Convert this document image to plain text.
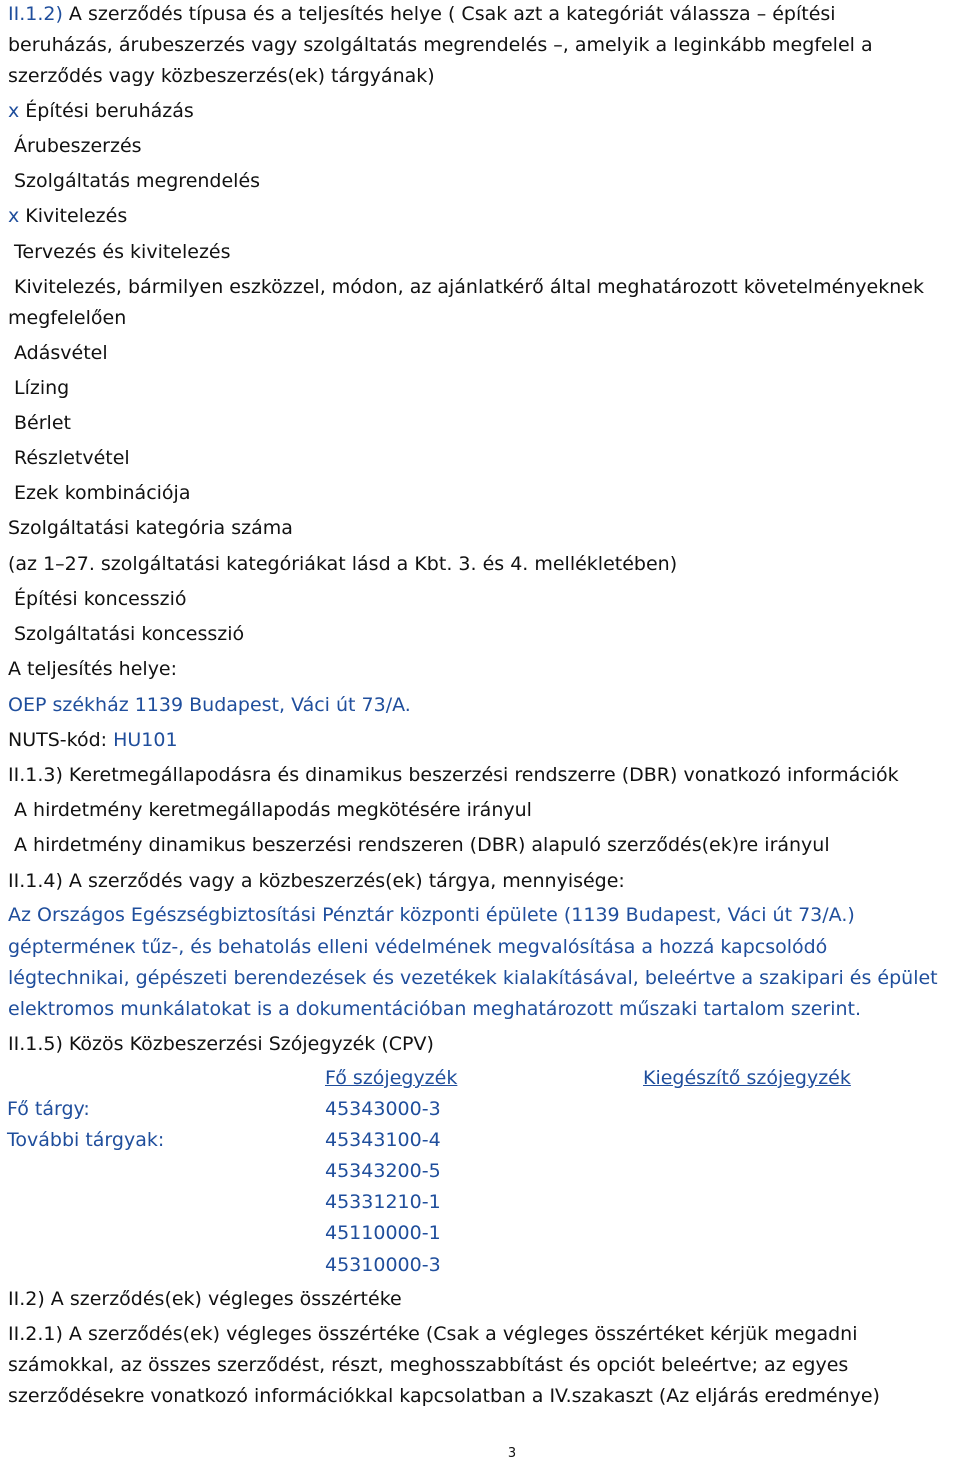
II.1.2) A szerződés típusa és a teljesítés helye ( Csak azt a kategóriát válassza – építési
beruházás, árubeszerzés vagy szolgáltatás megrendelés –, amelyik a leginkább megfelel a
szerződés vagy közbeszerzés(ek) tárgyának)
x Építési beruházás
Árubeszerzés
Szolgáltatás megrendelés
x Kivitelezés
Tervezés és kivitelezés
Kivitelezés, bármilyen eszközzel, módon, az ajánlatkérő által meghatározott követelményeknek
megfelelően
Adásvétel
Lízing
Bérlet
Részletvétel
Ezek kombinációja
Szolgáltatási kategória száma
(az 1–27. szolgáltatási kategóriákat lásd a Kbt. 3. és 4. mellékletében)
Építési koncesszió
Szolgáltatási koncesszió
A teljesítés helye:
OEP székház 1139 Budapest, Váci út 73/A.
NUTS-kód: HU101
II.1.3) Keretmegállapodásra és dinamikus beszerzési rendszerre (DBR) vonatkozó információk
A hirdetmény keretmegállapodás megkötésére irányul
A hirdetmény dinamikus beszerzési rendszeren (DBR) alapuló szerződés(ek)re irányul
II.1.4) A szerződés vagy a közbeszerzés(ek) tárgya, mennyisége:
Az Országos Egészségbiztosítási Pénztár központi épülete (1139 Budapest, Váci út 73/A.)
gépterméneк tűz-, és behatolás elleni védelmének megvalósítása a hozzá kapcsolódó
légtechnikai, gépészeti berendezések és vezetékek kialakításával, beleértve a szakipari és épület
elektromos munkálatokat is a dokumentációban meghatározott műszaki tartalom szerint.
II.1.5) Közös Közbeszerzési Szójegyzék (CPV)
Fő szójegyzék	Kiegészítő szójegyzék
Fő tárgy:	45343000-3
További tárgyak:	45343100-4
45343200-5
45331210-1
45110000-1
45310000-3
II.2) A szerződés(ek) végleges összértéke
II.2.1) A szerződés(ek) végleges összértéke (Csak a végleges összértéket kérjük megadni
számokkal, az összes szerződést, részt, meghosszabbítást és opciót beleértve; az egyes
szerződésekre vonatkozó információkkal kapcsolatban a IV.szakaszt (Az eljárás eredménye)
3
